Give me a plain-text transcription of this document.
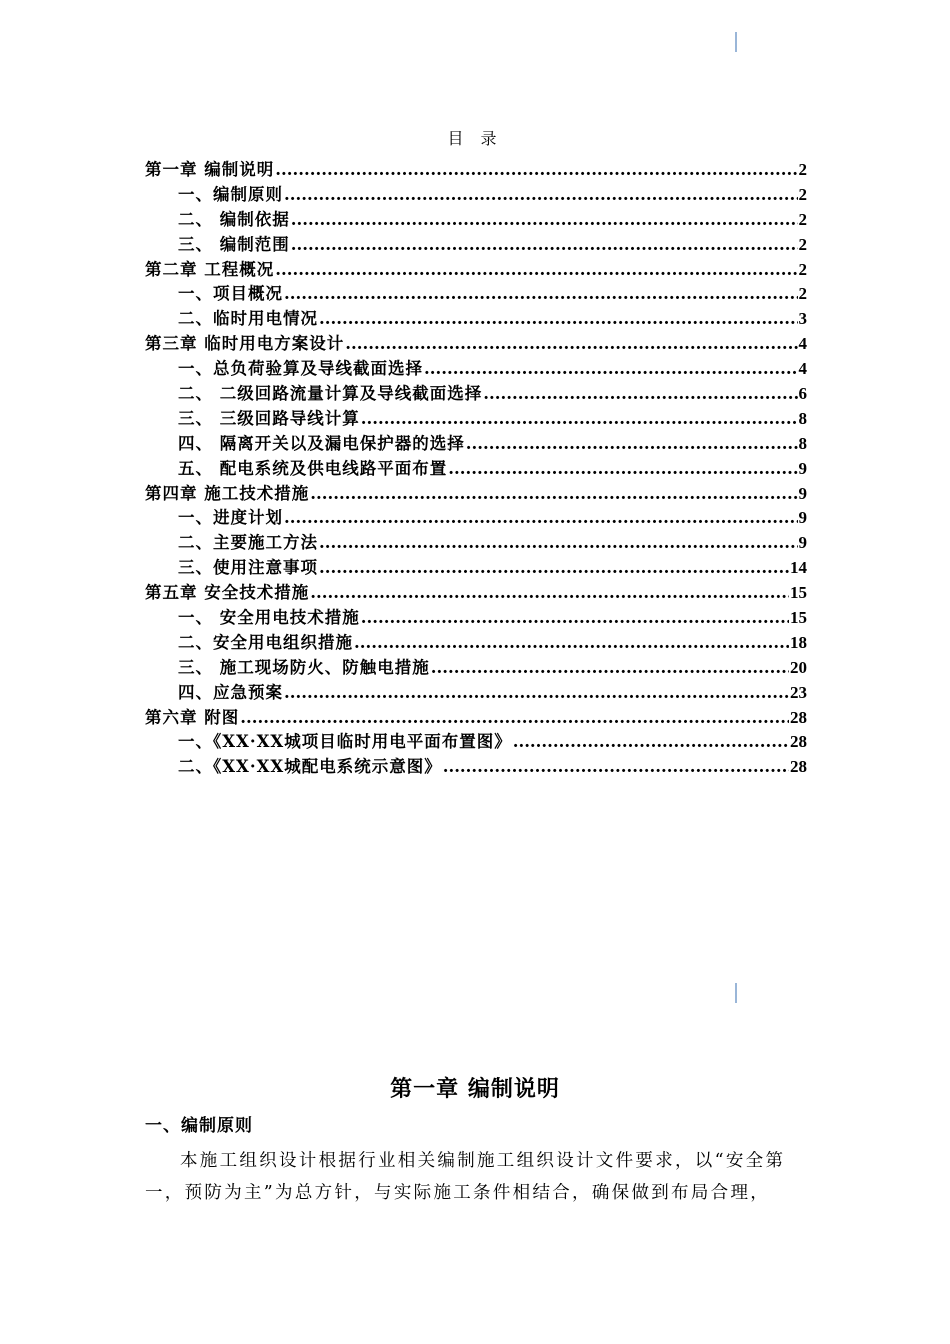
目 录
第一章 编制说明 .....	2
一、编制原则 .....	2
二、 编制依据 .....	2
三、 编制范围 .....	2
第二章 工程概况 .....	2
一、项目概况 .....	2
二、临时用电情况 .....	3
第三章 临时用电方案设计 .....	4
一、总负荷验算及导线截面选择 .....	4
二、 二级回路流量计算及导线截面选择 .....	6
三、 三级回路导线计算 .....	8
四、 隔离开关以及漏电保护器的选择 .....	8
五、 配电系统及供电线路平面布置 .....	9
第四章 施工技术措施 .....	9
一、进度计划 .....	9
二、主要施工方法 .....	9
三、使用注意事项 .....	14
第五章 安全技术措施 .....	15
一、 安全用电技术措施 .....	15
二、安全用电组织措施 .....	18
三、 施工现场防火、防触电措施 .....	20
四、应急预案 .....	23
第六章 附图 .....	28
一、《XX·XX城项目临时用电平面布置图》 .....	28
二、《XX·XX城配电系统示意图》 .....	28
第一章 编制说明
一、编制原则

本施工组织设计根据行业相关编制施工组织设计文件要求，以“安全第一，预防为主”为总方针，与实际施工条件相结合，确保做到布局合理，
